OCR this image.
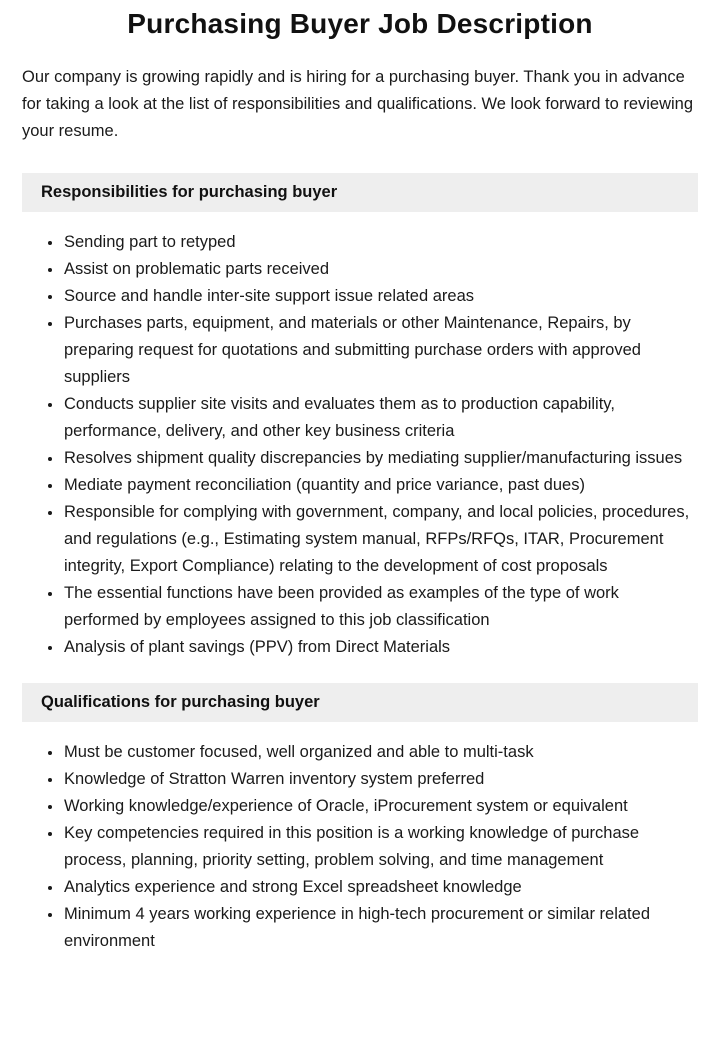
Purchasing Buyer Job Description

Our company is growing rapidly and is hiring for a purchasing buyer. Thank you in advance for taking a look at the list of responsibilities and qualifications. We look forward to reviewing your resume.

Responsibilities for purchasing buyer
• Sending part to retyped
• Assist on problematic parts received
• Source and handle inter-site support issue related areas
• Purchases parts, equipment, and materials or other Maintenance, Repairs, by preparing request for quotations and submitting purchase orders with approved suppliers
• Conducts supplier site visits and evaluates them as to production capability, performance, delivery, and other key business criteria
• Resolves shipment quality discrepancies by mediating supplier/manufacturing issues
• Mediate payment reconciliation (quantity and price variance, past dues)
• Responsible for complying with government, company, and local policies, procedures, and regulations (e.g., Estimating system manual, RFPs/RFQs, ITAR, Procurement integrity, Export Compliance) relating to the development of cost proposals
• The essential functions have been provided as examples of the type of work performed by employees assigned to this job classification
• Analysis of plant savings (PPV) from Direct Materials
Qualifications for purchasing buyer
• Must be customer focused, well organized and able to multi-task
• Knowledge of Stratton Warren inventory system preferred
• Working knowledge/experience of Oracle, iProcurement system or equivalent
• Key competencies required in this position is a working knowledge of purchase process, planning, priority setting, problem solving, and time management
• Analytics experience and strong Excel spreadsheet knowledge
• Minimum 4 years working experience in high-tech procurement or similar related environment
